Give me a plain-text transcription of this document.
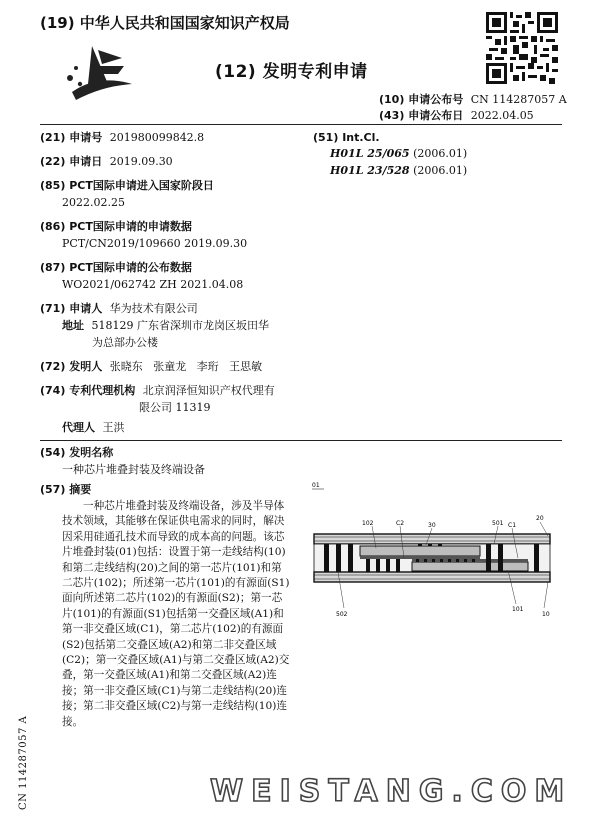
(19) 中华人民共和国国家知识产权局
(12) 发明专利申请
(10) 申请公布号 CN 114287057 A
(43) 申请公布日 2022.04.05
(21) 申请号 201980099842.8
(22) 申请日 2019.09.30
(85) PCT国际申请进入国家阶段日
2022.02.25
(86) PCT国际申请的申请数据
PCT/CN2019/109660 2019.09.30
(87) PCT国际申请的公布数据
WO2021/062742 ZH 2021.04.08
(71) 申请人 华为技术有限公司
地址 518129 广东省深圳市龙岗区坂田华
为总部办公楼
(72) 发明人 张晓东   张童龙   李珩   王思敏
(74) 专利代理机构 北京润泽恒知识产权代理有
限公司 11319
代理人 王洪
(51) Int.Cl.
H01L 25/065 (2006.01)
H01L 23/528 (2006.01)
(54) 发明名称
一种芯片堆叠封装及终端设备
(57) 摘要
一种芯片堆叠封装及终端设备，涉及半导体
技术领域，其能够在保证供电需求的同时，解决
因采用硅通孔技术而导致的成本高的问题。该芯
片堆叠封装(01)包括：设置于第一走线结构(10)
和第二走线结构(20)之间的第一芯片(101)和第
二芯片(102)；所述第一芯片(101)的有源面(S1)
面向所述第二芯片(102)的有源面(S2)；第一芯
片(101)的有源面(S1)包括第一交叠区域(A1)和
第一非交叠区域(C1)，第二芯片(102)的有源面
(S2)包括第二交叠区域(A2)和第二非交叠区域
(C2)；第一交叠区域(A1)与第二交叠区域(A2)交
叠，第一交叠区域(A1)和第二交叠区域(A2)连
接；第一非交叠区域(C1)与第二走线结构(20)连
接；第二非交叠区域(C2)与第一走线结构(10)连
接。
01
102	C2	30	501 C1
20
502
101
10
CN 114287057 A	WEISTANG.COM
